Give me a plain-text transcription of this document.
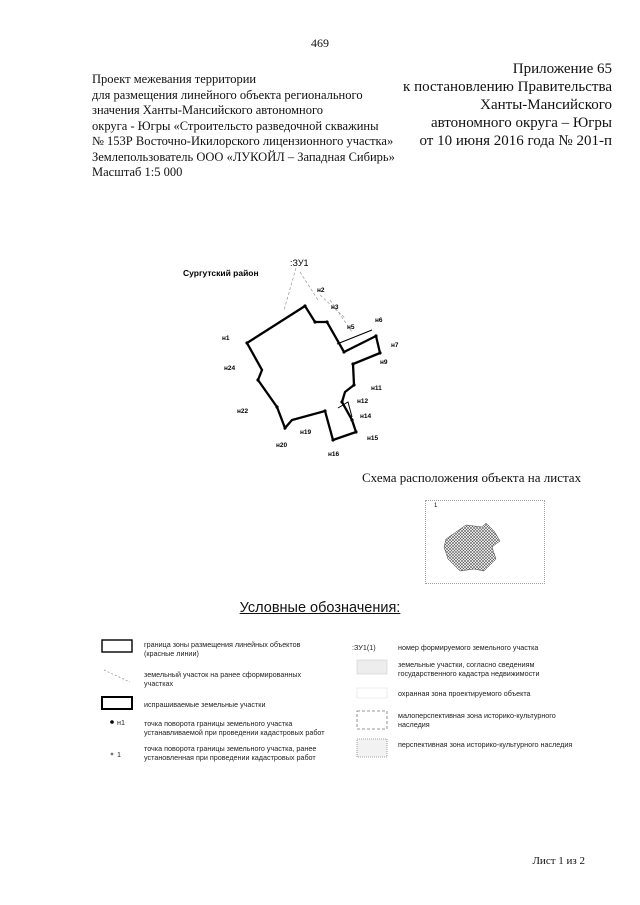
469
Проект межевания территории
для размещения линейного объекта регионального
значения Ханты-Мансийского автономного
округа - Югры «Строительсто разведочной скважины
№ 153Р Восточно-Икилорского лицензионного участка»
Землепользователь ООО «ЛУКОЙЛ – Западная Сибирь»
Масштаб 1:5 000
Приложение 65
к постановлению Правительства
Ханты-Мансийского
автономного округа – Югры
от 10 июня 2016 года № 201-п
Сургутский район
:ЗУ1
н1
н2
н3
н5
н6
н7
н9
н11
н12
н14
н15
н16
н19
н20
н22
н24
Схема расположения объекта на листах
1
Условные обозначения:
граница зоны размещения линейных объектов (красные линии)
земельный участок на ранее сформированных участках
испрашиваемые земельные участки
н1	точка поворота границы земельного участка устанавливаемой при проведении кадастровых работ
1
точка поворота границы земельного участка, ранее установленная при проведении кадастровых работ
:ЗУ1(1)	номер формируемого земельного участка
земельные участки, согласно сведениям государственного кадастра недвижимости
охранная зона проектируемого объекта
малоперспективная зона историко-культурного наследия
перспективная зона историко-культурного наследия
Лист 1 из 2
